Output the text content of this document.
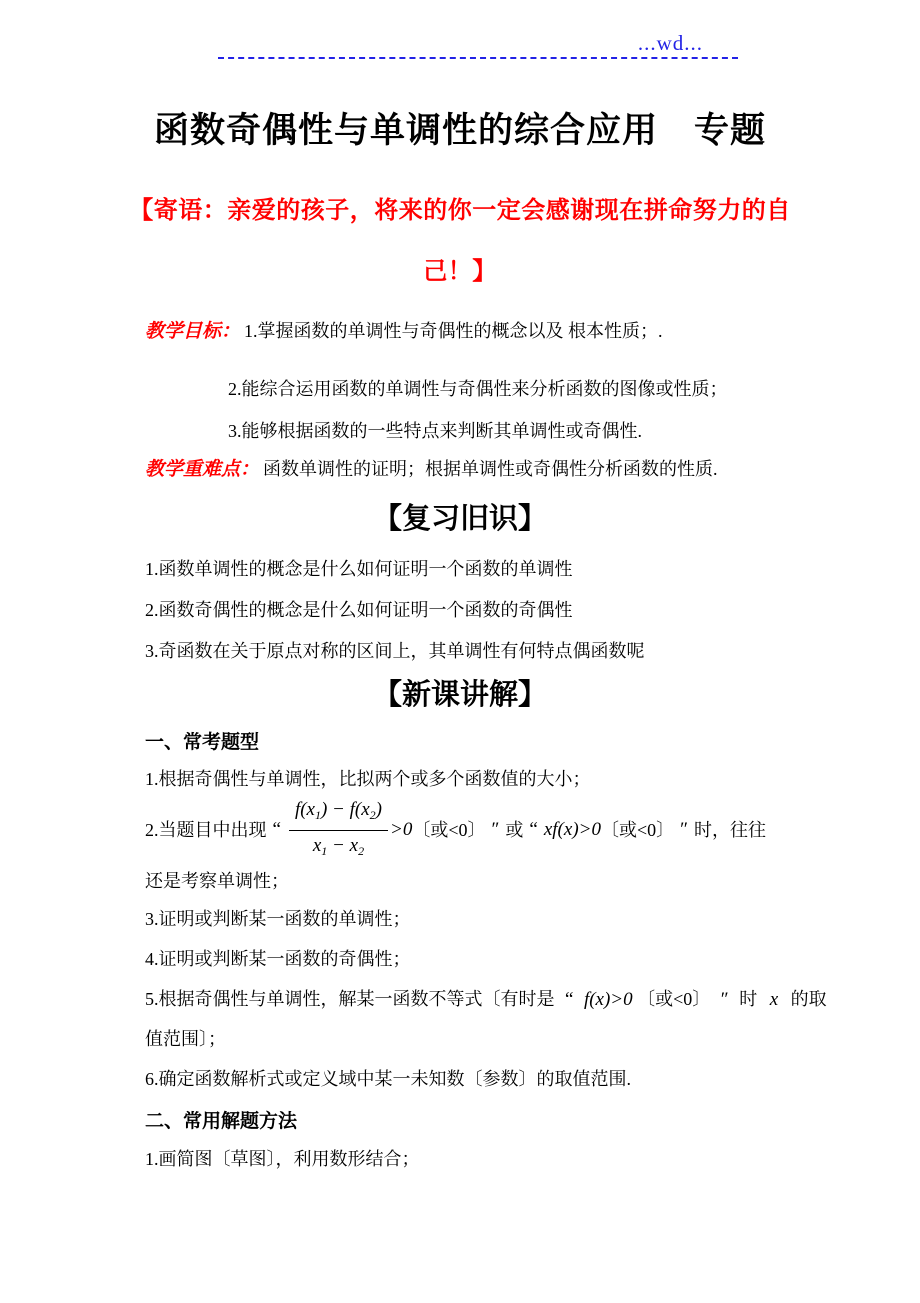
...wd...
函数奇偶性与单调性的综合应用　专题
【寄语：亲爱的孩子，将来的你一定会感谢现在拼命努力的自
己！】
教学目标： 1.掌握函数的单调性与奇偶性的概念以及 根本性质；.
2.能综合运用函数的单调性与奇偶性来分析函数的图像或性质；
3.能够根据函数的一些特点来判断其单调性或奇偶性.
教学重难点： 函数单调性的证明；根据单调性或奇偶性分析函数的性质.
【复习旧识】
1.函数单调性的概念是什么如何证明一个函数的单调性
2.函数奇偶性的概念是什么如何证明一个函数的奇偶性
3.奇函数在关于原点对称的区间上，其单调性有何特点偶函数呢
【新课讲解】
一、常考题型
1.根据奇偶性与单调性，比拟两个或多个函数值的大小；
2.当题目中出现 “ $\frac{f(x_1) - f(x_2)}{x_1 - x_2} >0$ 〔或<0〕 ″ 或 “ xf(x)>0 〔或<0〕 ″ 时，往往
还是考察单调性；
3.证明或判断某一函数的单调性；
4.证明或判断某一函数的奇偶性；
5.根据奇偶性与单调性，解某一函数不等式〔有时是 “ f(x)>0 〔或<0〕 ″ 时 x 的取
值范围〕；
6.确定函数解析式或定义域中某一未知数〔参数〕的取值范围.
二、常用解题方法
1.画简图〔草图〕，利用数形结合；
